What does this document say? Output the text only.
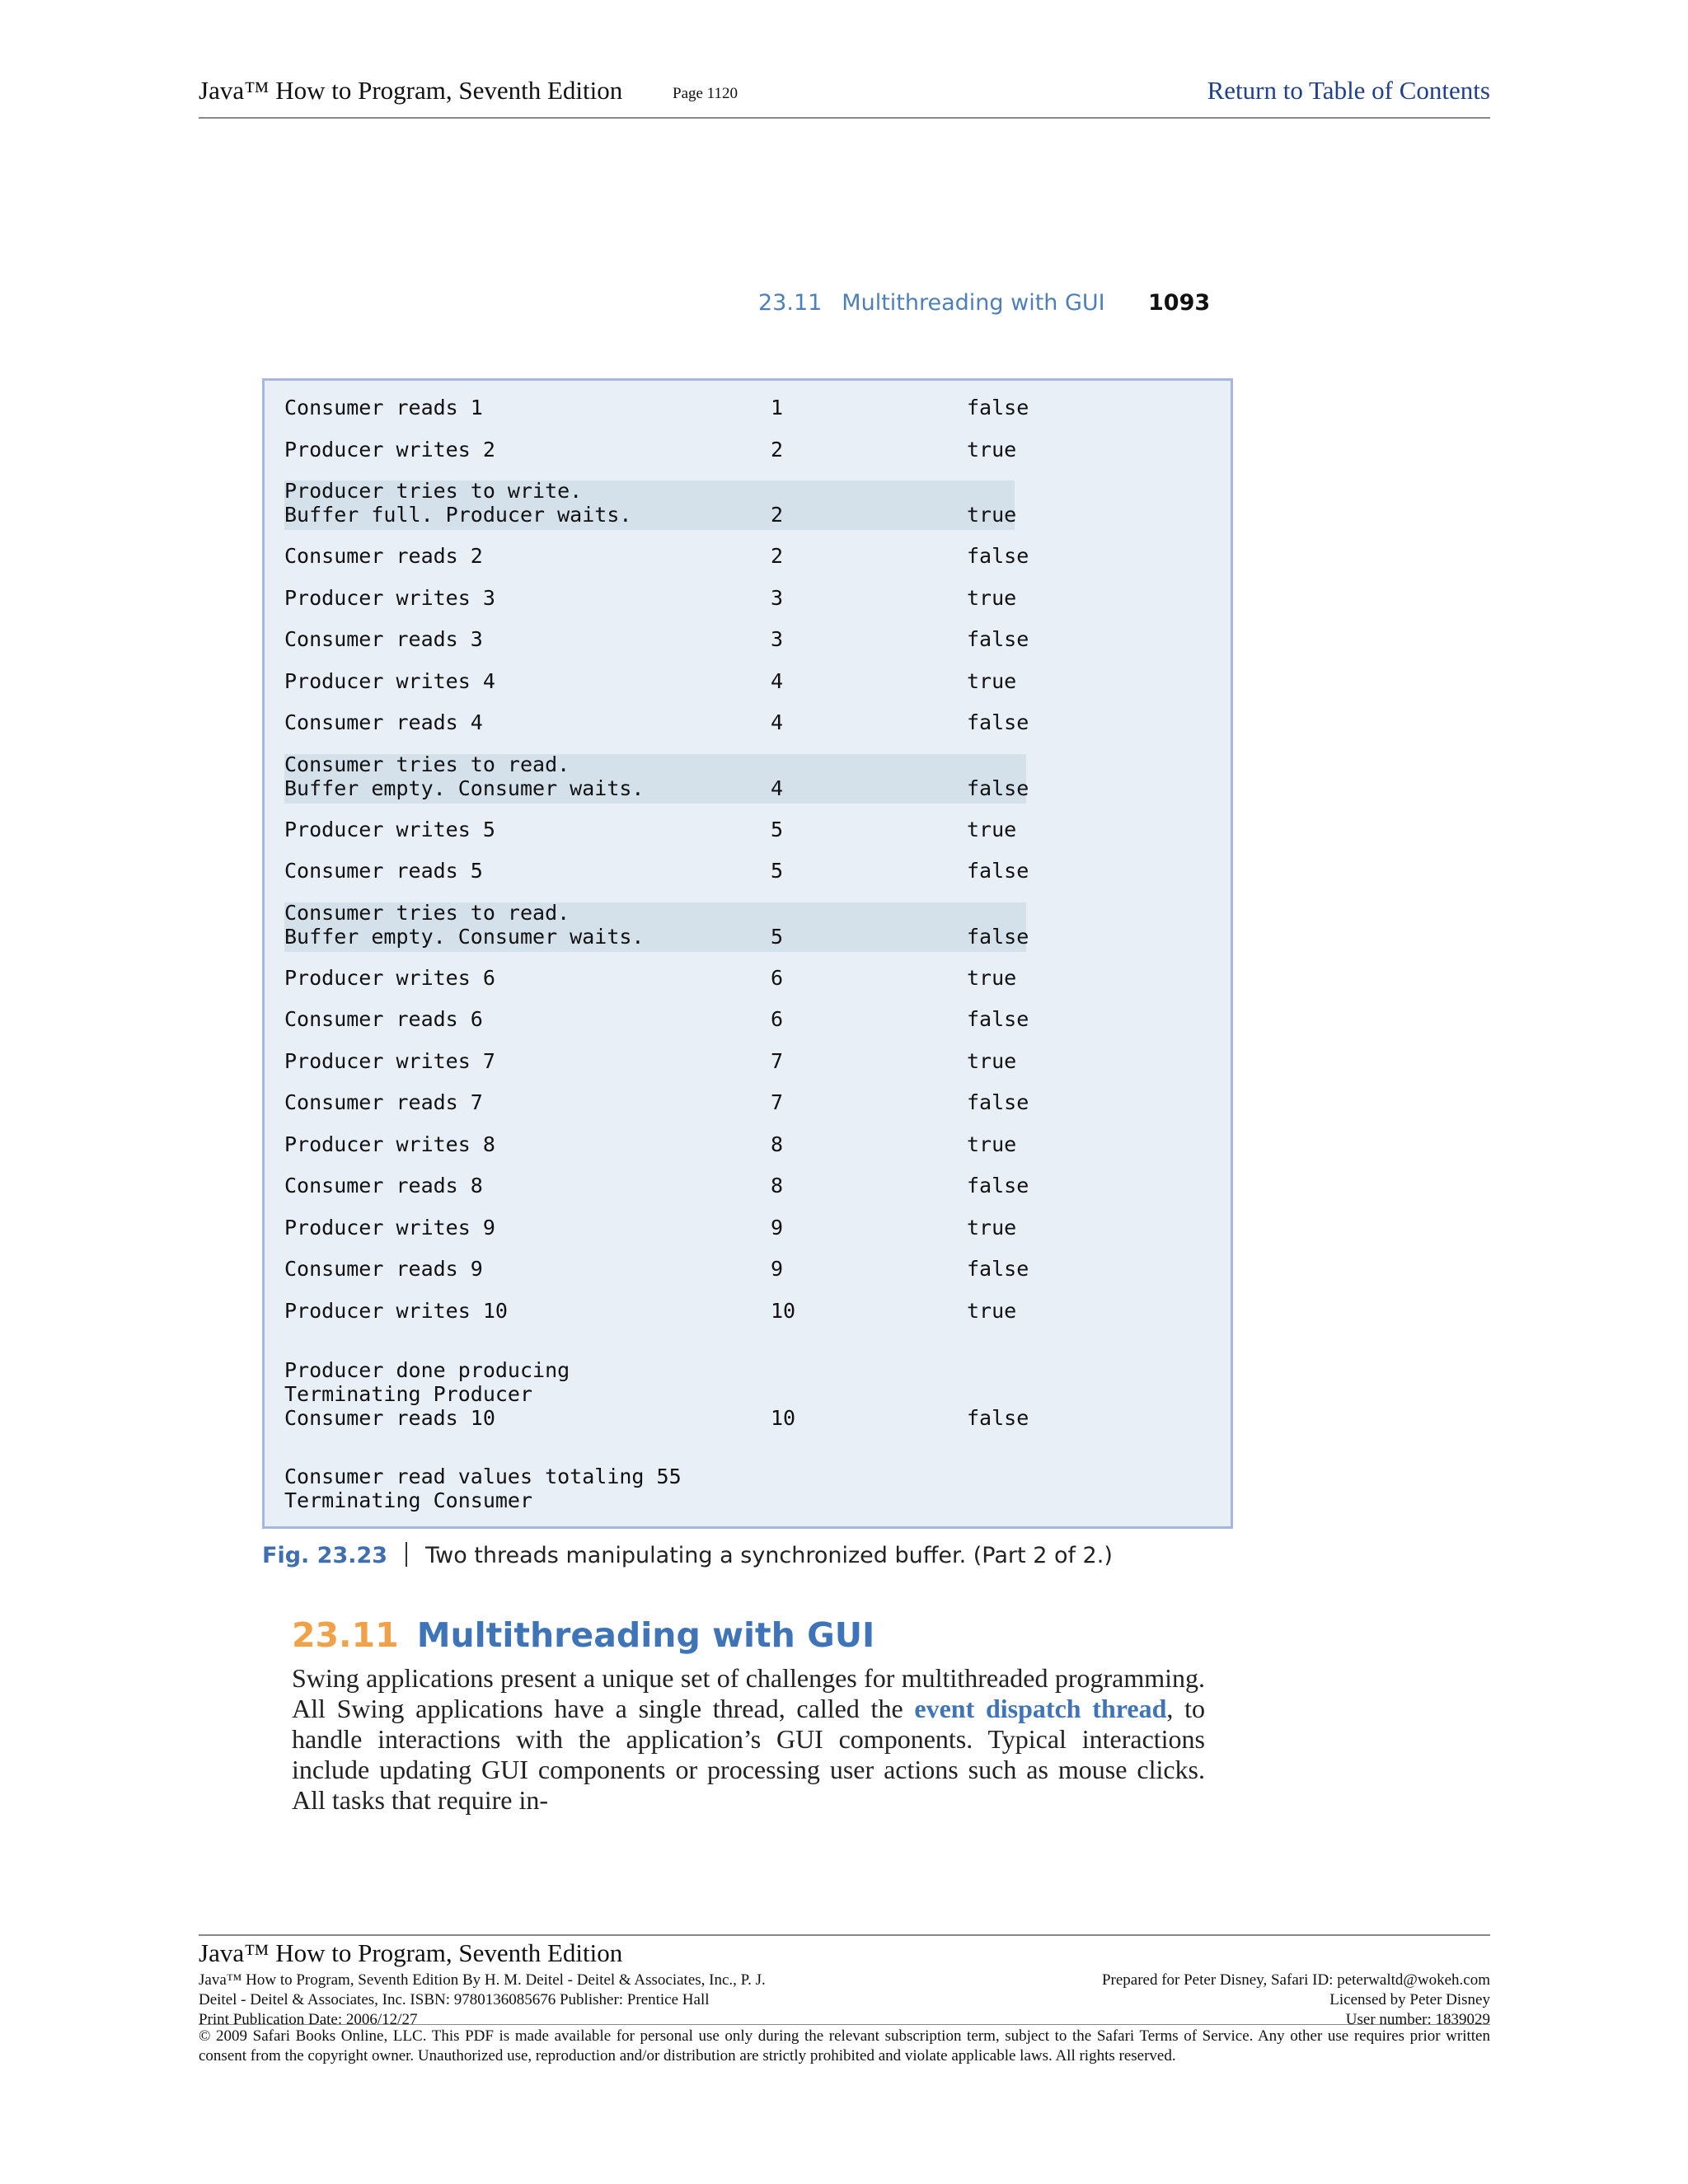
Java™ How to Program, Seventh Edition	Page 1120	Return to Table of Contents
23.11 Multithreading with GUI 1093
Consumer reads 1	1	false
Producer writes 2	2	true
Producer tries to write.
Buffer full. Producer waits.	2	true
Consumer reads 2	2	false
Producer writes 3	3	true
Consumer reads 3	3	false
Producer writes 4	4	true
Consumer reads 4	4	false
Consumer tries to read.
Buffer empty. Consumer waits.	4	false
Producer writes 5	5	true
Consumer reads 5	5	false
Consumer tries to read.
Buffer empty. Consumer waits.	5	false
Producer writes 6	6	true
Consumer reads 6	6	false
Producer writes 7	7	true
Consumer reads 7	7	false
Producer writes 8	8	true
Consumer reads 8	8	false
Producer writes 9	9	true
Consumer reads 9	9	false
Producer writes 10	10	true
Producer done producing
Terminating Producer
Consumer reads 10	10	false
Consumer read values totaling 55
Terminating Consumer
Fig. 23.23 Two threads manipulating a synchronized buffer. (Part 2 of 2.)
23.11 Multithreading with GUI
Swing applications present a unique set of challenges for multithreaded programming. All Swing applications have a single thread, called the event dispatch thread, to handle interactions with the application’s GUI components. Typical interactions include updating GUI components or processing user actions such as mouse clicks. All tasks that require in-
Java™ How to Program, Seventh Edition
Java™ How to Program, Seventh Edition By H. M. Deitel - Deitel & Associates, Inc., P. J.
Deitel - Deitel & Associates, Inc. ISBN: 9780136085676 Publisher: Prentice Hall
Print Publication Date: 2006/12/27
Prepared for Peter Disney, Safari ID: peterwaltd@wokeh.com
Licensed by Peter Disney
User number: 1839029
© 2009 Safari Books Online, LLC. This PDF is made available for personal use only during the relevant subscription term, subject to the Safari Terms of Service. Any other use requires prior written consent from the copyright owner. Unauthorized use, reproduction and/or distribution are strictly prohibited and violate applicable laws. All rights reserved.
